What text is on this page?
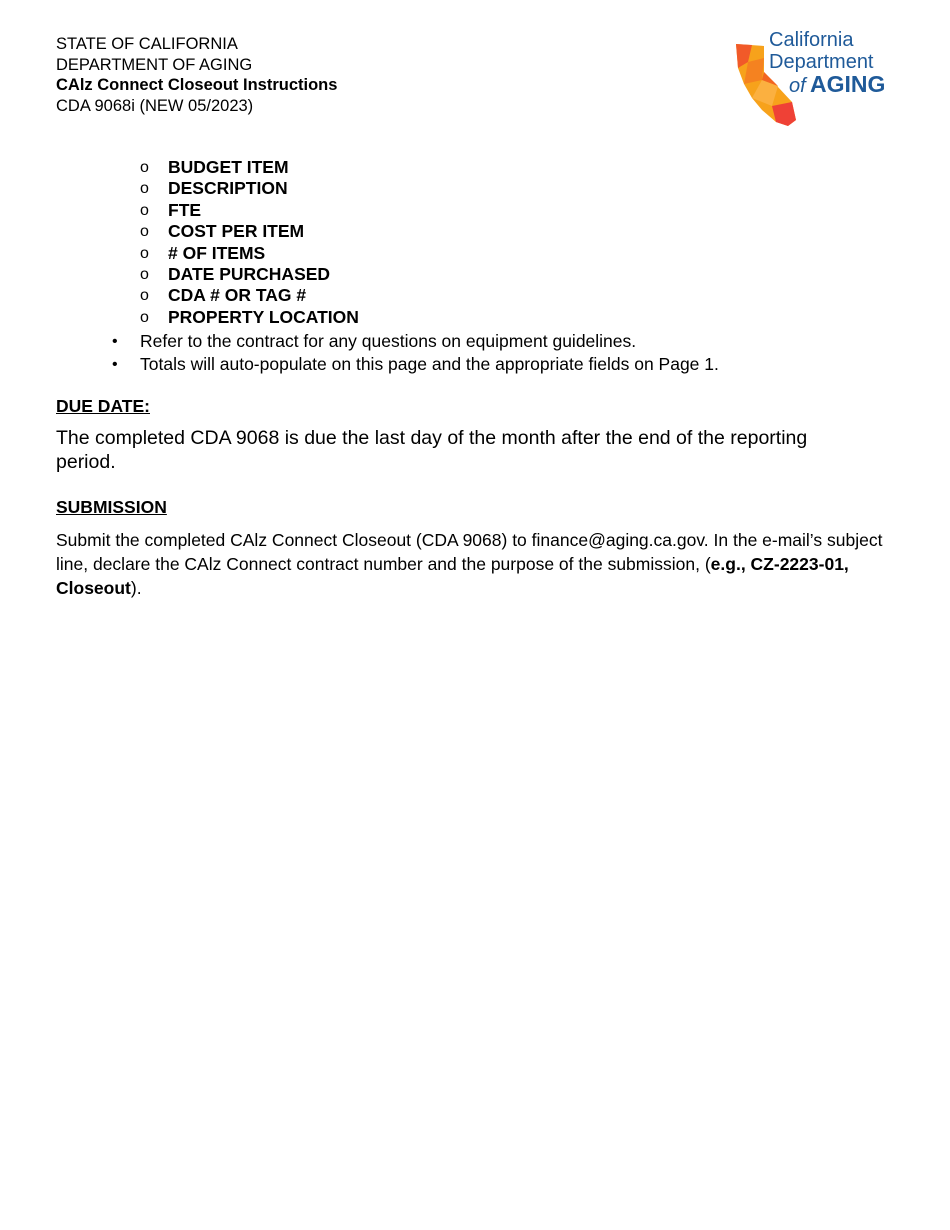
STATE OF CALIFORNIA
DEPARTMENT OF AGING
CAlz Connect Closeout Instructions
CDA 9068i (NEW 05/2023)
California
Department
of AGING
o BUDGET ITEM
o DESCRIPTION
o FTE
o COST PER ITEM
o # OF ITEMS
o DATE PURCHASED
o CDA # OR TAG #
o PROPERTY LOCATION
• Refer to the contract for any questions on equipment guidelines.
• Totals will auto-populate on this page and the appropriate fields on Page 1.
DUE DATE:
The completed CDA 9068 is due the last day of the month after the end of the reporting period.
SUBMISSION
Submit the completed CAlz Connect Closeout (CDA 9068) to finance@aging.ca.gov. In the e-mail’s subject line, declare the CAlz Connect contract number and the purpose of the submission, (e.g., CZ-2223-01, Closeout).
